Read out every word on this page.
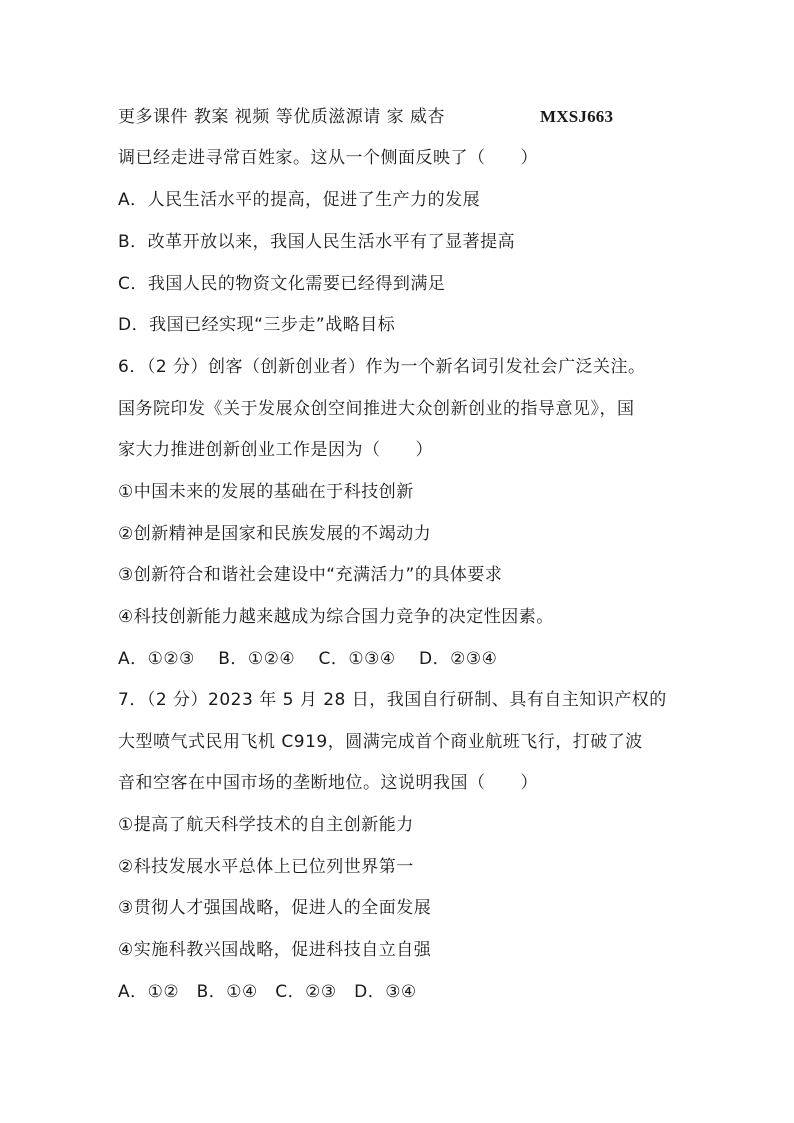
更多课件 教案 视频 等优质滋源请 家 威杏	MXSJ663
调已经走进寻常百姓家。这从一个侧面反映了（　　）
A．人民生活水平的提高，促进了生产力的发展
B．改革开放以来，我国人民生活水平有了显著提高
C．我国人民的物资文化需要已经得到满足
D．我国已经实现“三步走”战略目标
6．（2 分）创客（创新创业者）作为一个新名词引发社会广泛关注。
国务院印发《关于发展众创空间推进大众创新创业的指导意见》，国
家大力推进创新创业工作是因为（　　）
①中国未来的发展的基础在于科技创新
②创新精神是国家和民族发展的不竭动力
③创新符合和谐社会建设中“充满活力”的具体要求
④科技创新能力越来越成为综合国力竞争的决定性因素。
A．①②③　 B．①②④　 C．①③④　 D．②③④
7．（2 分）2023 年 5 月 28 日，我国自行研制、具有自主知识产权的
大型喷气式民用飞机 C919，圆满完成首个商业航班飞行，打破了波
音和空客在中国市场的垄断地位。这说明我国（　　）
①提高了航天科学技术的自主创新能力
②科技发展水平总体上已位列世界第一
③贯彻人才强国战略，促进人的全面发展
④实施科教兴国战略，促进科技自立自强
A．①②　B．①④　C．②③　D．③④
